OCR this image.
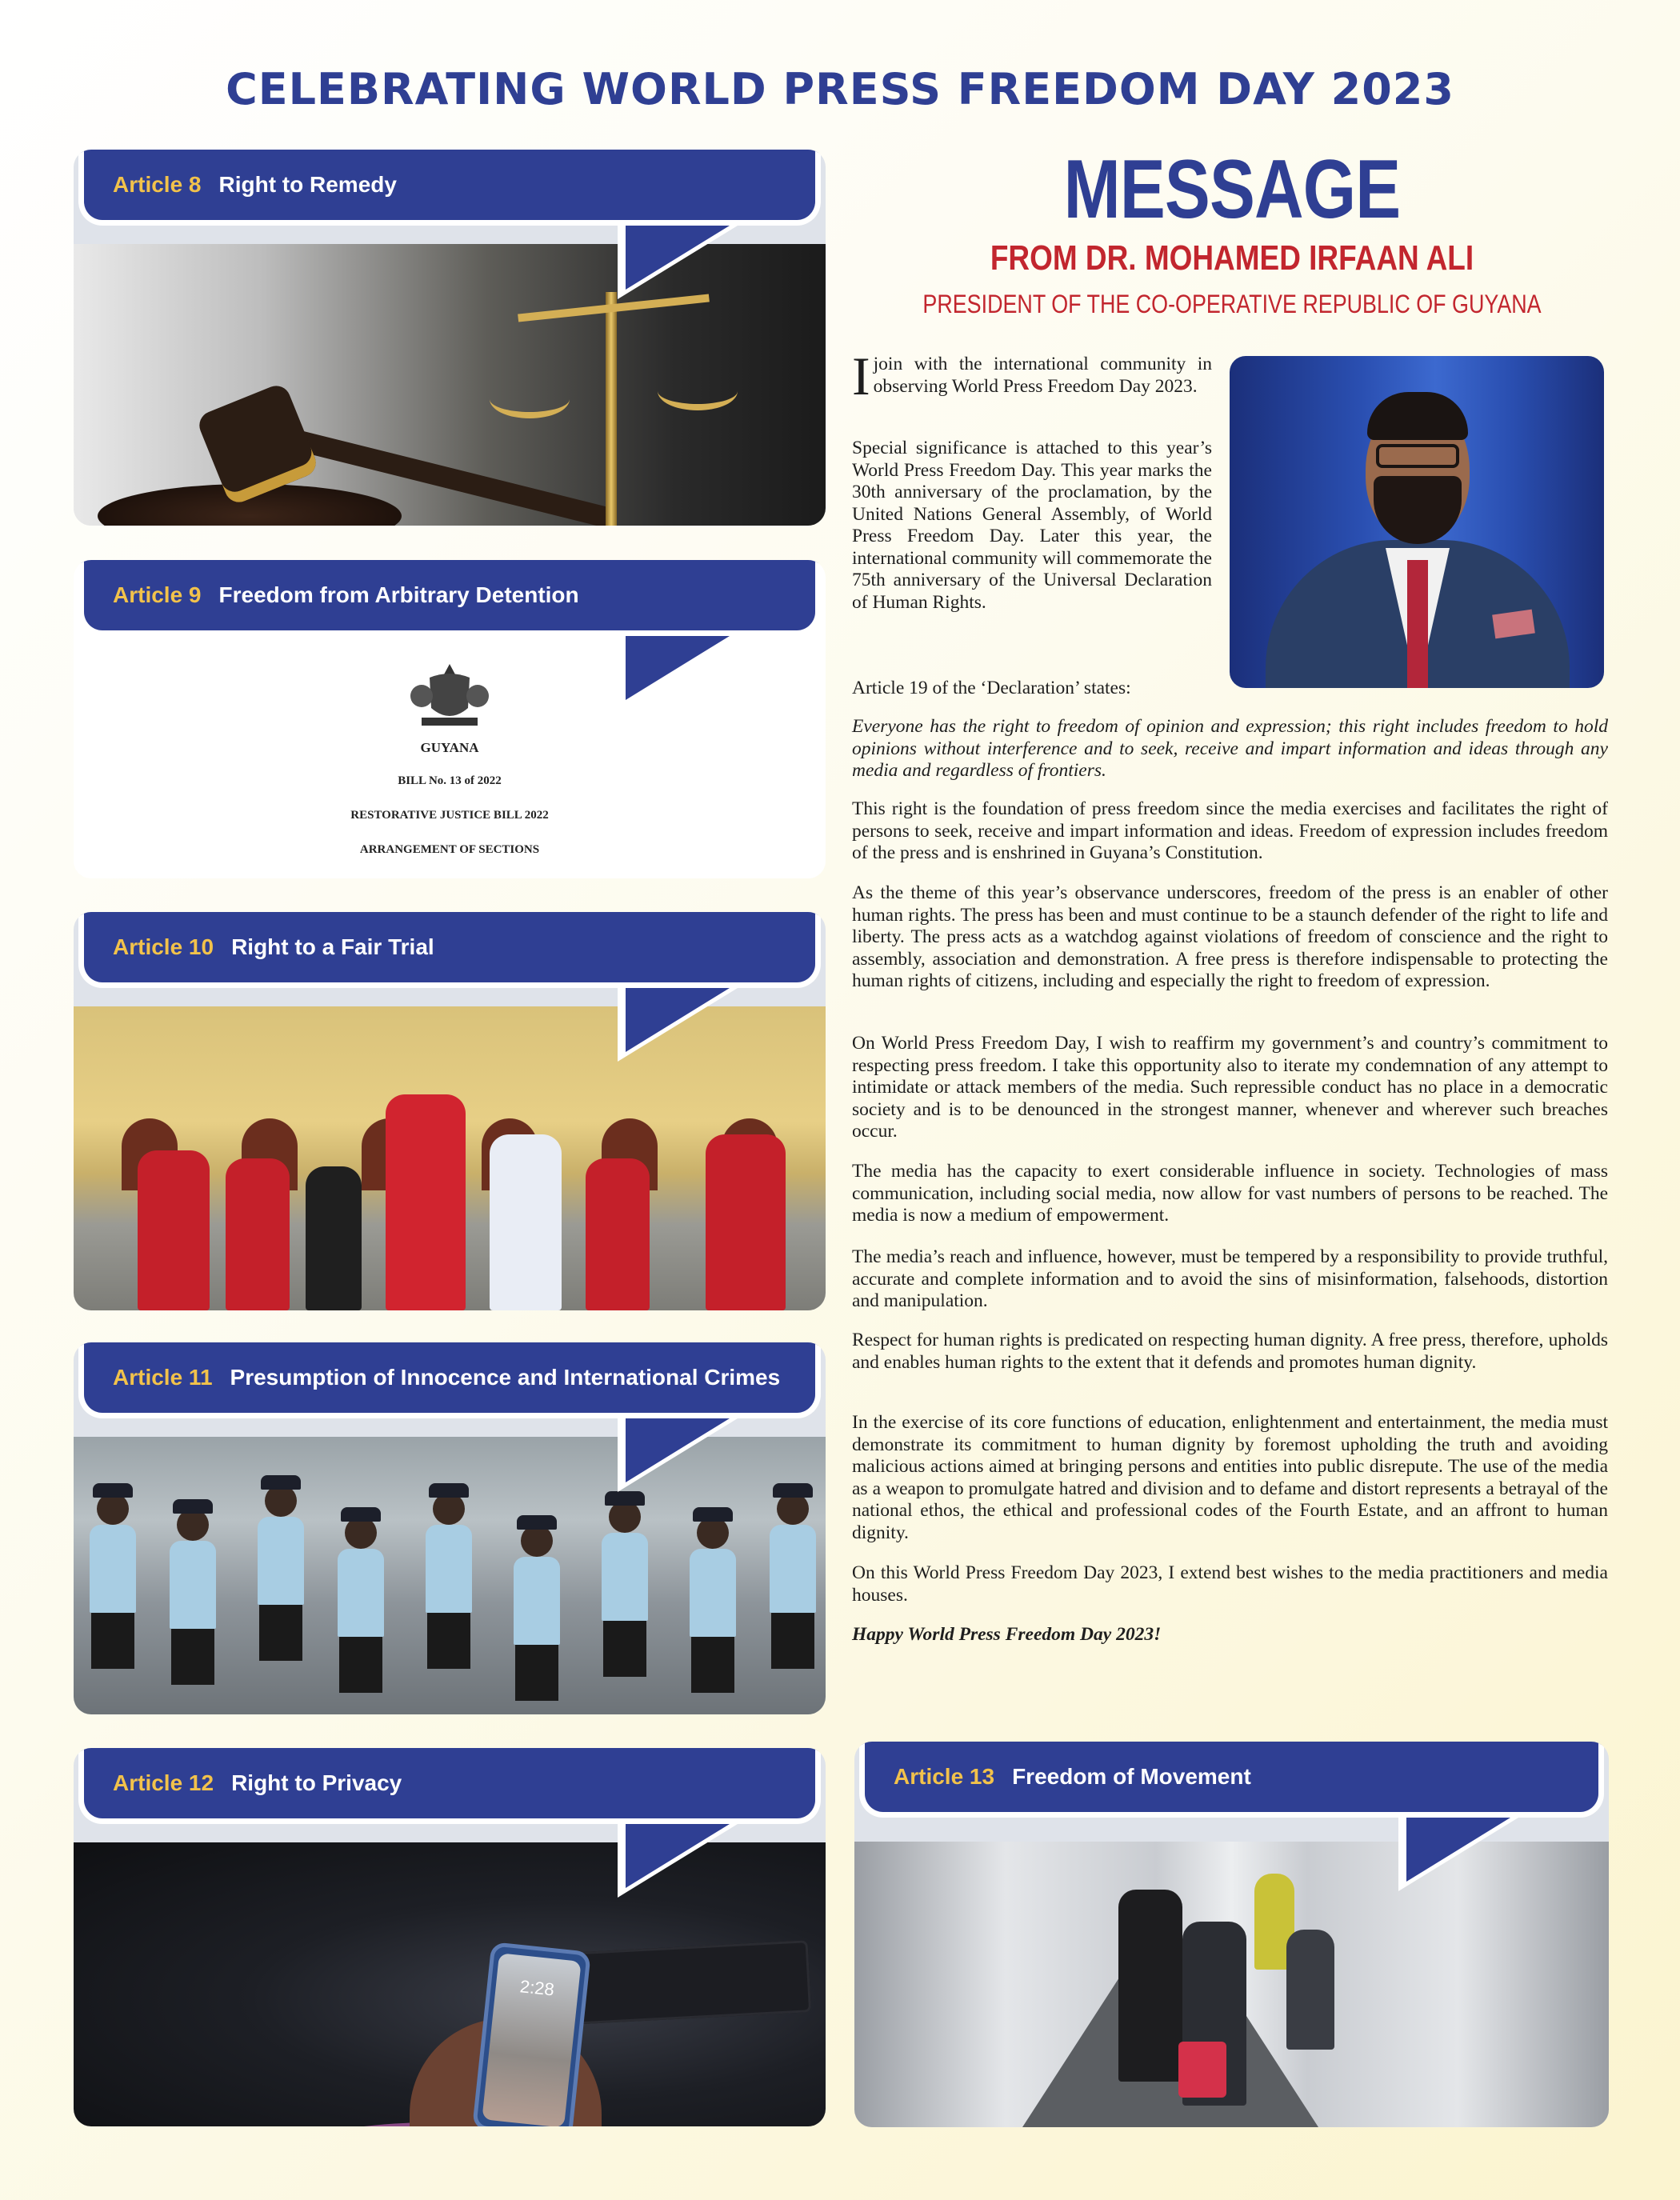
CELEBRATING WORLD PRESS FREEDOM DAY 2023
Article 8 Right to Remedy
GUYANA
BILL No. 13 of 2022
RESTORATIVE JUSTICE BILL 2022
ARRANGEMENT OF SECTIONS
Article 9 Freedom from Arbitrary Detention
Article 10 Right to a Fair Trial
Article 11 Presumption of Innocence and International Crimes
2:28
Article 12 Right to Privacy	Article 13 Freedom of Movement
MESSAGE
FROM DR. MOHAMED IRFAAN ALI
PRESIDENT OF THE CO-OPERATIVE REPUBLIC OF GUYANA

Ijoin with the international community in observing World Press Freedom Day 2023.

Special significance is attached to this year’s World Press Freedom Day. This year marks the 30th anniversary of the proclamation, by the United Nations General Assembly, of World Press Freedom Day. Later this year, the international community will commemorate the 75th anniversary of the Universal Declaration of Human Rights.

Article 19 of the ‘Declaration’ states:

Everyone has the right to freedom of opinion and expression; this right includes freedom to hold opinions without interference and to seek, receive and impart information and ideas through any media and regardless of frontiers.

This right is the foundation of press freedom since the media exercises and facilitates the right of persons to seek, receive and impart information and ideas. Freedom of expression includes freedom of the press and is enshrined in Guyana’s Constitution.

As the theme of this year’s observance underscores, freedom of the press is an enabler of other human rights. The press has been and must continue to be a staunch defender of the right to life and liberty. The press acts as a watchdog against violations of freedom of conscience and the right to assembly, association and demonstration. A free press is therefore indispensable to protecting the human rights of citizens, including and especially the right to freedom of expression.

On World Press Freedom Day, I wish to reaffirm my government’s and country’s commitment to respecting press freedom. I take this opportunity also to iterate my condemnation of any attempt to intimidate or attack members of the media. Such repressible conduct has no place in a democratic society and is to be denounced in the strongest manner, whenever and wherever such breaches occur.

The media has the capacity to exert considerable influence in society. Technologies of mass communication, including social media, now allow for vast numbers of persons to be reached. The media is now a medium of empowerment.

The media’s reach and influence, however, must be tempered by a responsibility to provide truthful, accurate and complete information and to avoid the sins of misinformation, falsehoods, distortion and manipulation.

Respect for human rights is predicated on respecting human dignity. A free press, therefore, upholds and enables human rights to the extent that it defends and promotes human dignity.

In the exercise of its core functions of education, enlightenment and entertainment, the media must demonstrate its commitment to human dignity by foremost upholding the truth and avoiding malicious actions aimed at bringing persons and entities into public disrepute. The use of the media as a weapon to promulgate hatred and division and to defame and distort represents a betrayal of the national ethos, the ethical and professional codes of the Fourth Estate, and an affront to human dignity.

On this World Press Freedom Day 2023, I extend best wishes to the media practitioners and media houses.

Happy World Press Freedom Day 2023!
